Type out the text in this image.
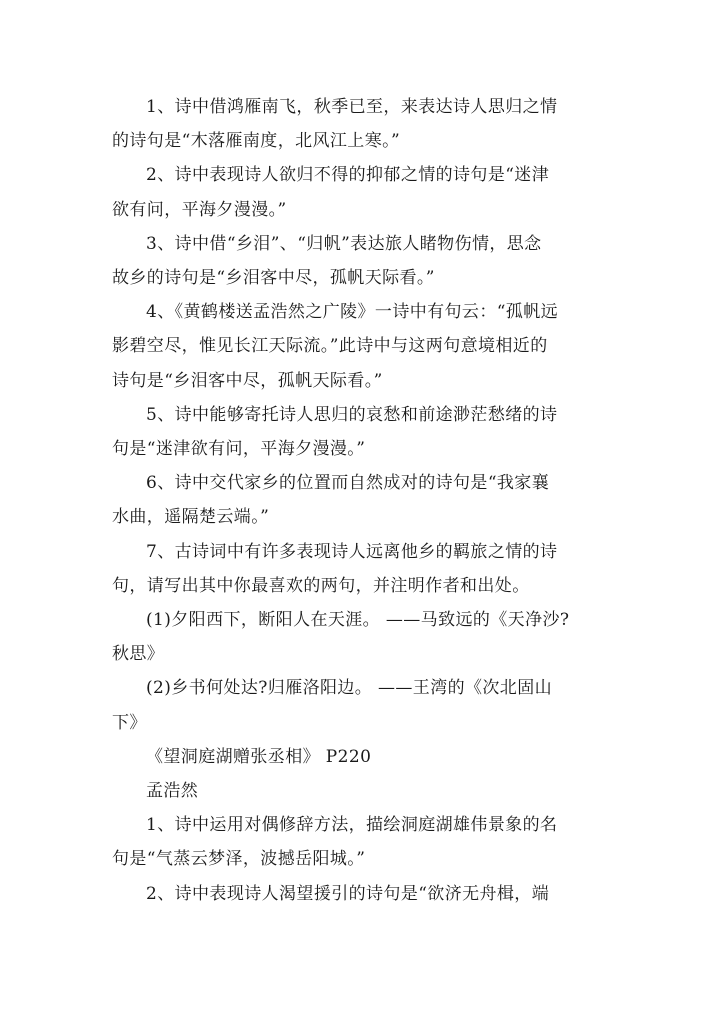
1、诗中借鸿雁南飞，秋季已至，来表达诗人思归之情
的诗句是“木落雁南度，北风江上寒。”
2、诗中表现诗人欲归不得的抑郁之情的诗句是“迷津
欲有问，平海夕漫漫。”
3、诗中借“乡泪”、“归帆”表达旅人睹物伤情，思念
故乡的诗句是“乡泪客中尽，孤帆天际看。”
4、《黄鹤楼送孟浩然之广陵》一诗中有句云：“孤帆远
影碧空尽，惟见长江天际流。”此诗中与这两句意境相近的
诗句是“乡泪客中尽，孤帆天际看。”
5、诗中能够寄托诗人思归的哀愁和前途渺茫愁绪的诗
句是“迷津欲有问，平海夕漫漫。”
6、诗中交代家乡的位置而自然成对的诗句是“我家襄
水曲，遥隔楚云端。”
7、古诗词中有许多表现诗人远离他乡的羁旅之情的诗
句，请写出其中你最喜欢的两句，并注明作者和出处。
(1)夕阳西下，断阳人在天涯。 ——马致远的《天净沙?
秋思》
(2)乡书何处达?归雁洛阳边。 ——王湾的《次北固山
下》
《望洞庭湖赠张丞相》 P220
孟浩然
1、诗中运用对偶修辞方法，描绘洞庭湖雄伟景象的名
句是“气蒸云梦泽，波撼岳阳城。”
2、诗中表现诗人渴望援引的诗句是“欲济无舟楫，端
